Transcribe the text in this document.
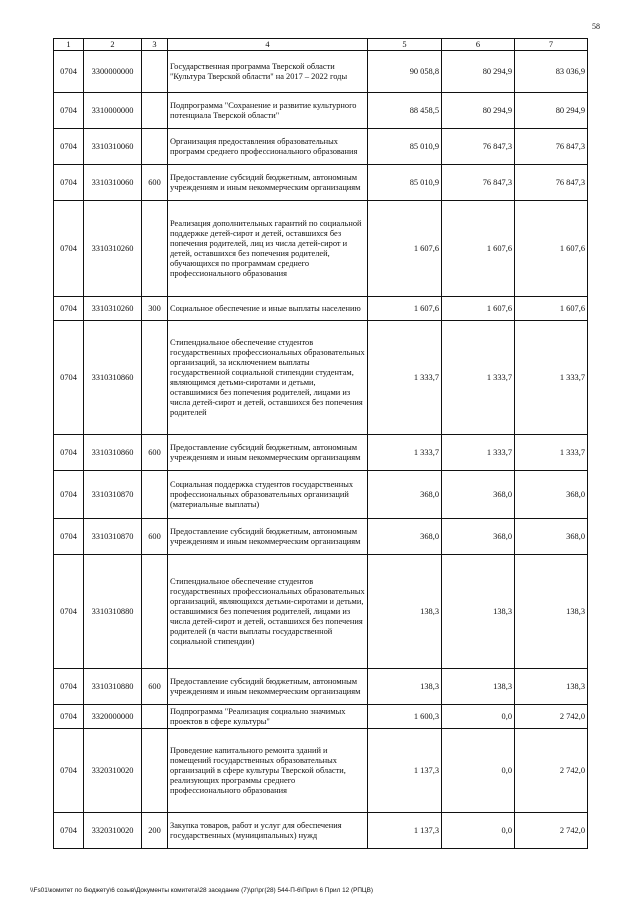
58
1	2	3	4	5	6	7
0704	3300000000		Государственная программа Тверской области "Культура Тверской области" на 2017 – 2022 годы	90 058,8	80 294,9	83 036,9
0704	3310000000		Подпрограмма "Сохранение и развитие культурного потенциала Тверской области"	88 458,5	80 294,9	80 294,9
0704	3310310060		Организация предоставления образовательных программ среднего профессионального образования	85 010,9	76 847,3	76 847,3
0704	3310310060	600	Предоставление субсидий бюджетным, автономным учреждениям и иным некоммерческим организациям	85 010,9	76 847,3	76 847,3
0704	3310310260		Реализация дополнительных гарантий по социальной поддержке детей-сирот и детей, оставшихся без попечения родителей, лиц из числа детей-сирот и детей, оставшихся без попечения родителей, обучающихся по программам среднего профессионального образования	1 607,6	1 607,6	1 607,6
0704	3310310260	300	Социальное обеспечение и иные выплаты населению	1 607,6	1 607,6	1 607,6
0704	3310310860		Стипендиальное обеспечение студентов государственных профессиональных образовательных организаций, за исключением выплаты государственной социальной стипендии студентам, являющимся детьми-сиротами и детьми, оставшимися без попечения родителей, лицами из числа детей-сирот и детей, оставшихся без попечения родителей	1 333,7	1 333,7	1 333,7
0704	3310310860	600	Предоставление субсидий бюджетным, автономным учреждениям и иным некоммерческим организациям	1 333,7	1 333,7	1 333,7
0704	3310310870		Социальная поддержка студентов государственных профессиональных образовательных организаций (материальные выплаты)	368,0	368,0	368,0
0704	3310310870	600	Предоставление субсидий бюджетным, автономным учреждениям и иным некоммерческим организациям	368,0	368,0	368,0
0704	3310310880		Стипендиальное обеспечение студентов государственных профессиональных образовательных организаций, являющихся детьми-сиротами и детьми, оставшимися без попечения родителей, лицами из числа детей-сирот и детей, оставшихся без попечения родителей (в части выплаты государственной социальной стипендии)	138,3	138,3	138,3
0704	3310310880	600	Предоставление субсидий бюджетным, автономным учреждениям и иным некоммерческим организациям	138,3	138,3	138,3
0704	3320000000		Подпрограмма "Реализация социально значимых проектов в сфере культуры"	1 600,3	0,0	2 742,0
0704	3320310020		Проведение капитального ремонта зданий и помещений государственных образовательных организаций в сфере культуры Тверской области, реализующих программы среднего профессионального образования	1 137,3	0,0	2 742,0
0704	3320310020	200	Закупка товаров, работ и услуг для обеспечения государственных (муниципальных) нужд	1 137,3	0,0	2 742,0
\\Fs01\комитет по бюджету\6 созыв\Документы комитета\28 заседание (7)\рг\рг(28) 544-П-6\Прил 6 Прил 12 (РПЦВ)
